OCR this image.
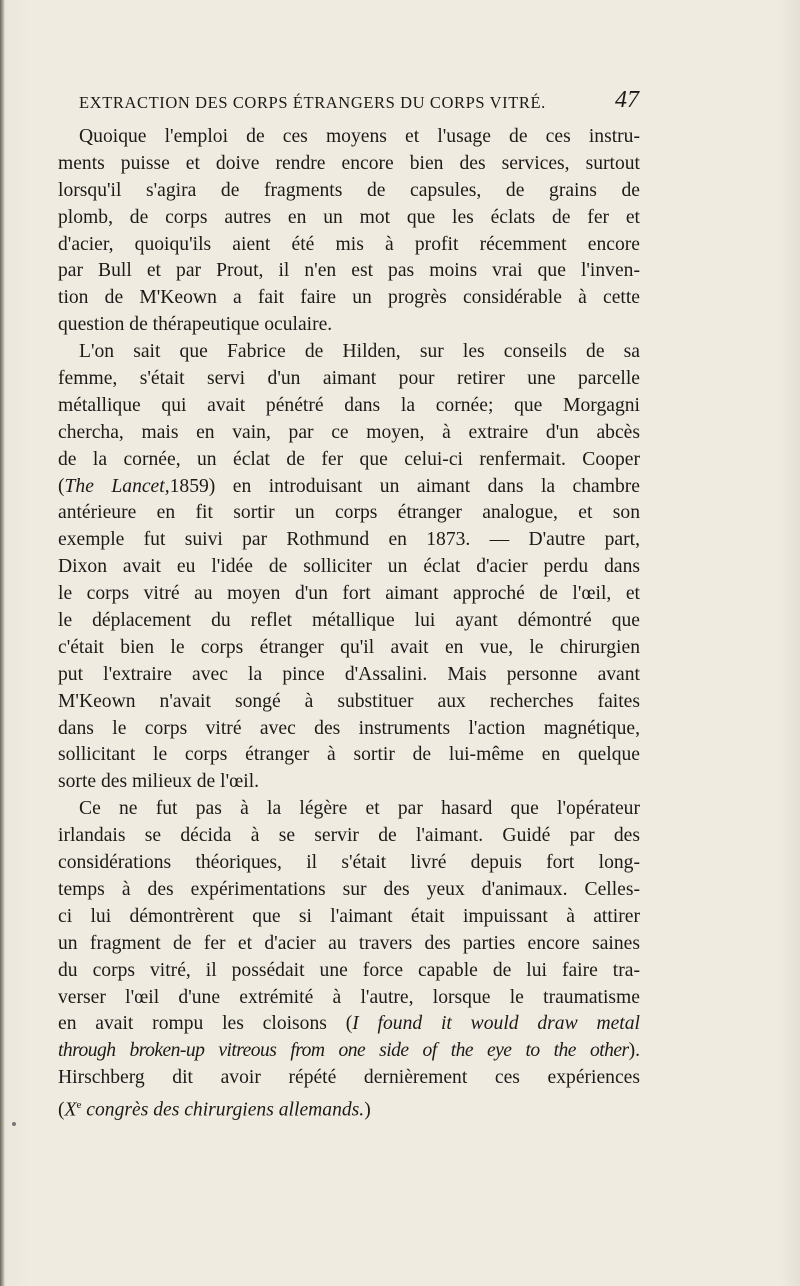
EXTRACTION DES CORPS ÉTRANGERS DU CORPS VITRÉ.	47
Quoique l'emploi de ces moyens et l'usage de ces instru-
ments puisse et doive rendre encore bien des services, surtout
lorsqu'il s'agira de fragments de capsules, de grains de
plomb, de corps autres en un mot que les éclats de fer et
d'acier, quoiqu'ils aient été mis à profit récemment encore
par Bull et par Prout, il n'en est pas moins vrai que l'inven-
tion de M'Keown a fait faire un progrès considérable à cette
question de thérapeutique oculaire.
L'on sait que Fabrice de Hilden, sur les conseils de sa
femme, s'était servi d'un aimant pour retirer une parcelle
métallique qui avait pénétré dans la cornée; que Morgagni
chercha, mais en vain, par ce moyen, à extraire d'un abcès
de la cornée, un éclat de fer que celui-ci renfermait. Cooper
(The Lancet,1859) en introduisant un aimant dans la chambre
antérieure en fit sortir un corps étranger analogue, et son
exemple fut suivi par Rothmund en 1873. — D'autre part,
Dixon avait eu l'idée de solliciter un éclat d'acier perdu dans
le corps vitré au moyen d'un fort aimant approché de l'œil, et
le déplacement du reflet métallique lui ayant démontré que
c'était bien le corps étranger qu'il avait en vue, le chirurgien
put l'extraire avec la pince d'Assalini. Mais personne avant
M'Keown n'avait songé à substituer aux recherches faites
dans le corps vitré avec des instruments l'action magnétique,
sollicitant le corps étranger à sortir de lui-même en quelque
sorte des milieux de l'œil.
Ce ne fut pas à la légère et par hasard que l'opérateur
irlandais se décida à se servir de l'aimant. Guidé par des
considérations théoriques, il s'était livré depuis fort long-
temps à des expérimentations sur des yeux d'animaux. Celles-
ci lui démontrèrent que si l'aimant était impuissant à attirer
un fragment de fer et d'acier au travers des parties encore saines
du corps vitré, il possédait une force capable de lui faire tra-
verser l'œil d'une extrémité à l'autre, lorsque le traumatisme
en avait rompu les cloisons (I found it would draw metal
through broken-up vitreous from one side of the eye to the other).
Hirschberg dit avoir répété dernièrement ces expériences
(Xe congrès des chirurgiens allemands.)
